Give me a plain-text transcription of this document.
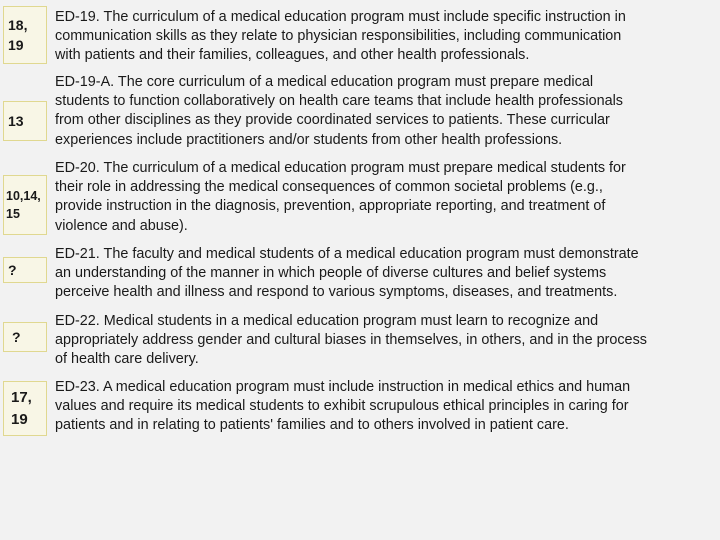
18,
19
ED-19. The curriculum of a medical education program must include specific instruction in
communication skills as they relate to physician responsibilities, including communication
with patients and their families, colleagues, and other health professionals.
13
ED-19-A. The core curriculum of a medical education program must prepare medical
students to function collaboratively on health care teams that include health professionals
from other disciplines as they provide coordinated services to patients. These curricular
experiences include practitioners and/or students from other health professions.
10,14,
15
ED-20. The curriculum of a medical education program must prepare medical students for
their role in addressing the medical consequences of common societal problems (e.g.,
provide instruction in the diagnosis, prevention, appropriate reporting, and treatment of
violence and abuse).
?
ED-21. The faculty and medical students of a medical education program must demonstrate
an understanding of the manner in which people of diverse cultures and belief systems
perceive health and illness and respond to various symptoms, diseases, and treatments.
?
ED-22. Medical students in a medical education program must learn to recognize and
appropriately address gender and cultural biases in themselves, in others, and in the process
of health care delivery.
17,
19
ED-23. A medical education program must include instruction in medical ethics and human
values and require its medical students to exhibit scrupulous ethical principles in caring for
patients and in relating to patients' families and to others involved in patient care.
